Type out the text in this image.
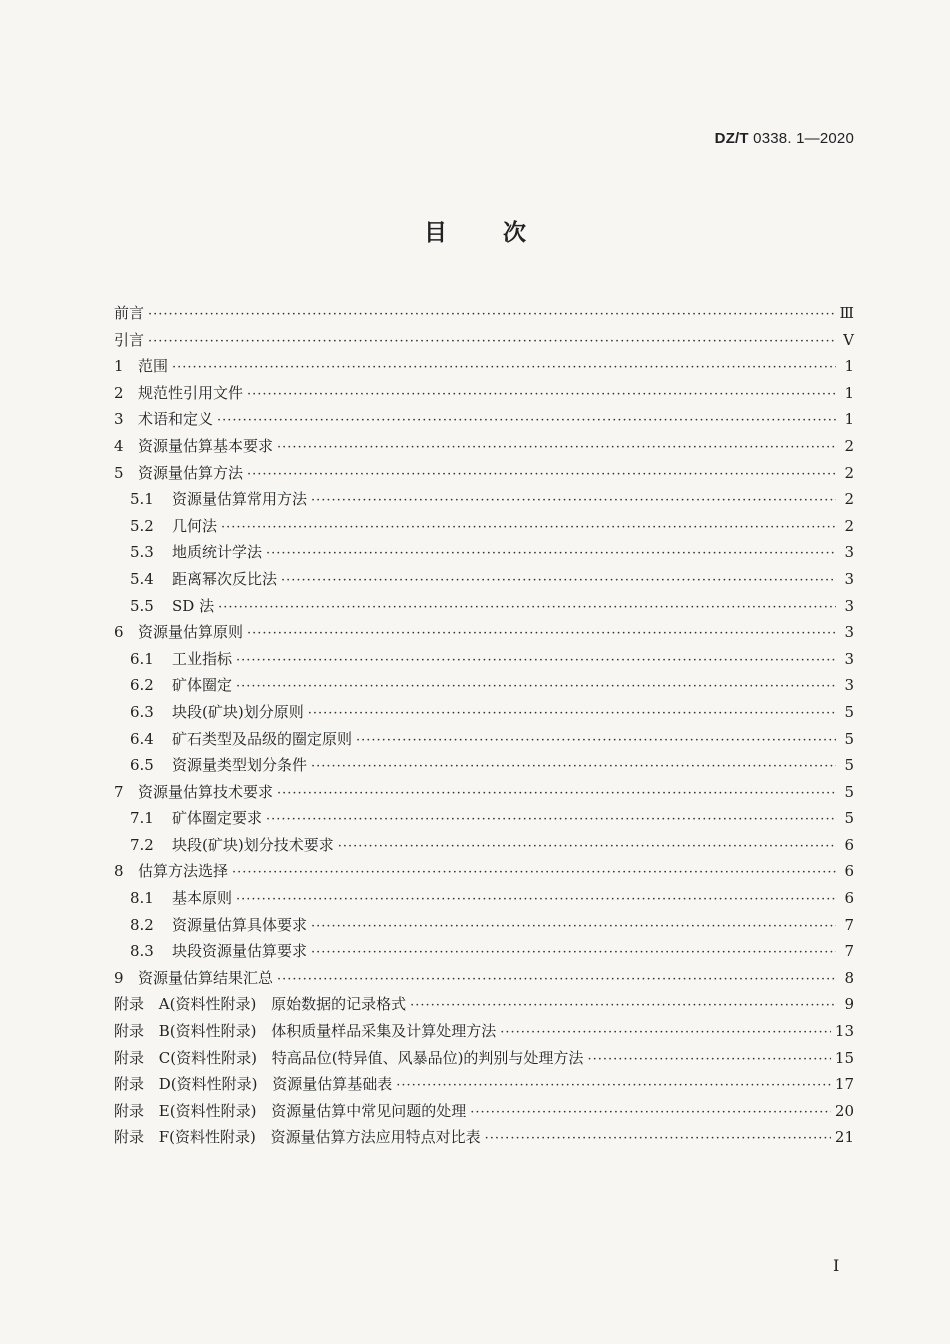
DZ/T 0338. 1—2020
目次
前言 ·····	Ⅲ
引言 ·····	Ⅴ
1 范围 ·····	1
2 规范性引用文件 ·····	1
3 术语和定义 ·····	1
4 资源量估算基本要求 ·····	2
5 资源量估算方法 ·····	2
5.1	资源量估算常用方法 ·····	2
5.2	几何法 ·····	2
5.3	地质统计学法 ·····	3
5.4	距离幂次反比法 ·····	3
5.5	SD 法 ·····	3
6 资源量估算原则 ·····	3
6.1	工业指标 ·····	3
6.2	矿体圈定 ·····	3
6.3	块段(矿块)划分原则 ·····	5
6.4	矿石类型及品级的圈定原则 ·····	5
6.5	资源量类型划分条件 ·····	5
7 资源量估算技术要求 ·····	5
7.1	矿体圈定要求 ·····	5
7.2	块段(矿块)划分技术要求 ·····	6
8 估算方法选择 ·····	6
8.1	基本原则 ·····	6
8.2	资源量估算具体要求 ·····	7
8.3	块段资源量估算要求 ·····	7
9 资源量估算结果汇总 ·····	8
附录 A(资料性附录) 原始数据的记录格式 ·····	9
附录 B(资料性附录) 体积质量样品采集及计算处理方法 ·····	13
附录 C(资料性附录) 特高品位(特异值、风暴品位)的判别与处理方法 ·····	15
附录 D(资料性附录) 资源量估算基础表 ·····	17
附录 E(资料性附录) 资源量估算中常见问题的处理 ·····	20
附录 F(资料性附录) 资源量估算方法应用特点对比表 ·····	21
Ⅰ
